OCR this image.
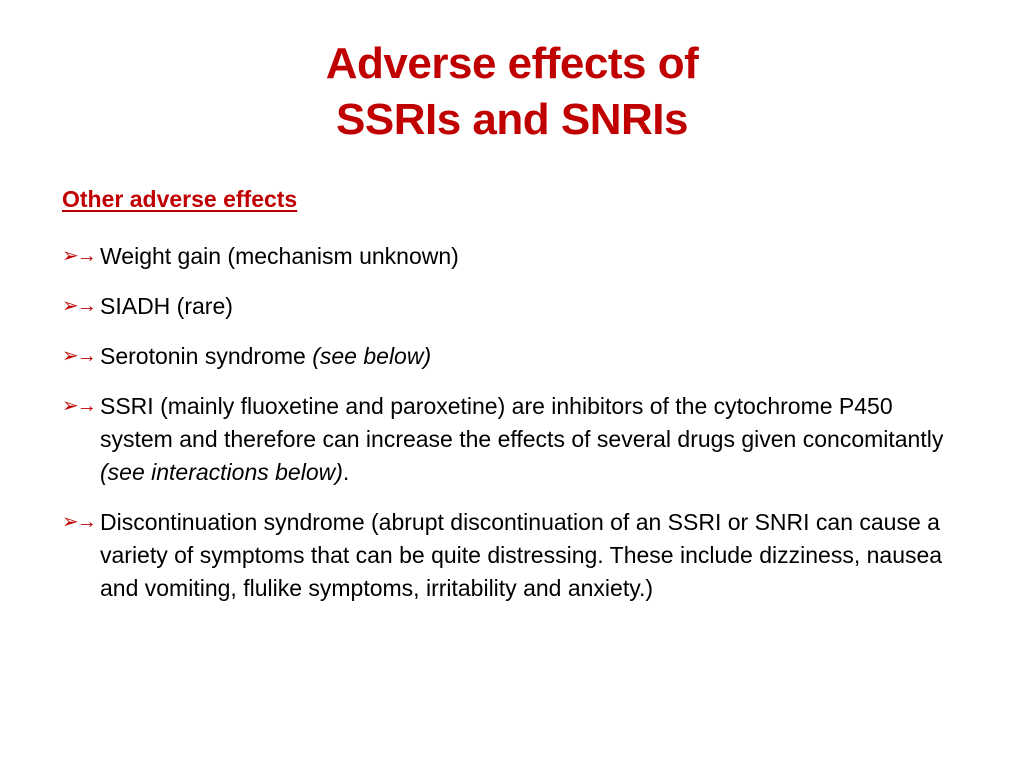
Adverse effects of
SSRIs and SNRIs
Other adverse effects
➢→ Weight gain (mechanism unknown)
➢→ SIADH (rare)
➢→ Serotonin syndrome (see below)
➢→ SSRI (mainly fluoxetine and paroxetine) are inhibitors of the cytochrome P450 system and therefore can increase the effects of several drugs given concomitantly (see interactions below).
➢→ Discontinuation syndrome (abrupt discontinuation of an SSRI or SNRI can cause a variety of symptoms that can be quite distressing. These include dizziness, nausea and vomiting, flulike symptoms, irritability and anxiety.)
